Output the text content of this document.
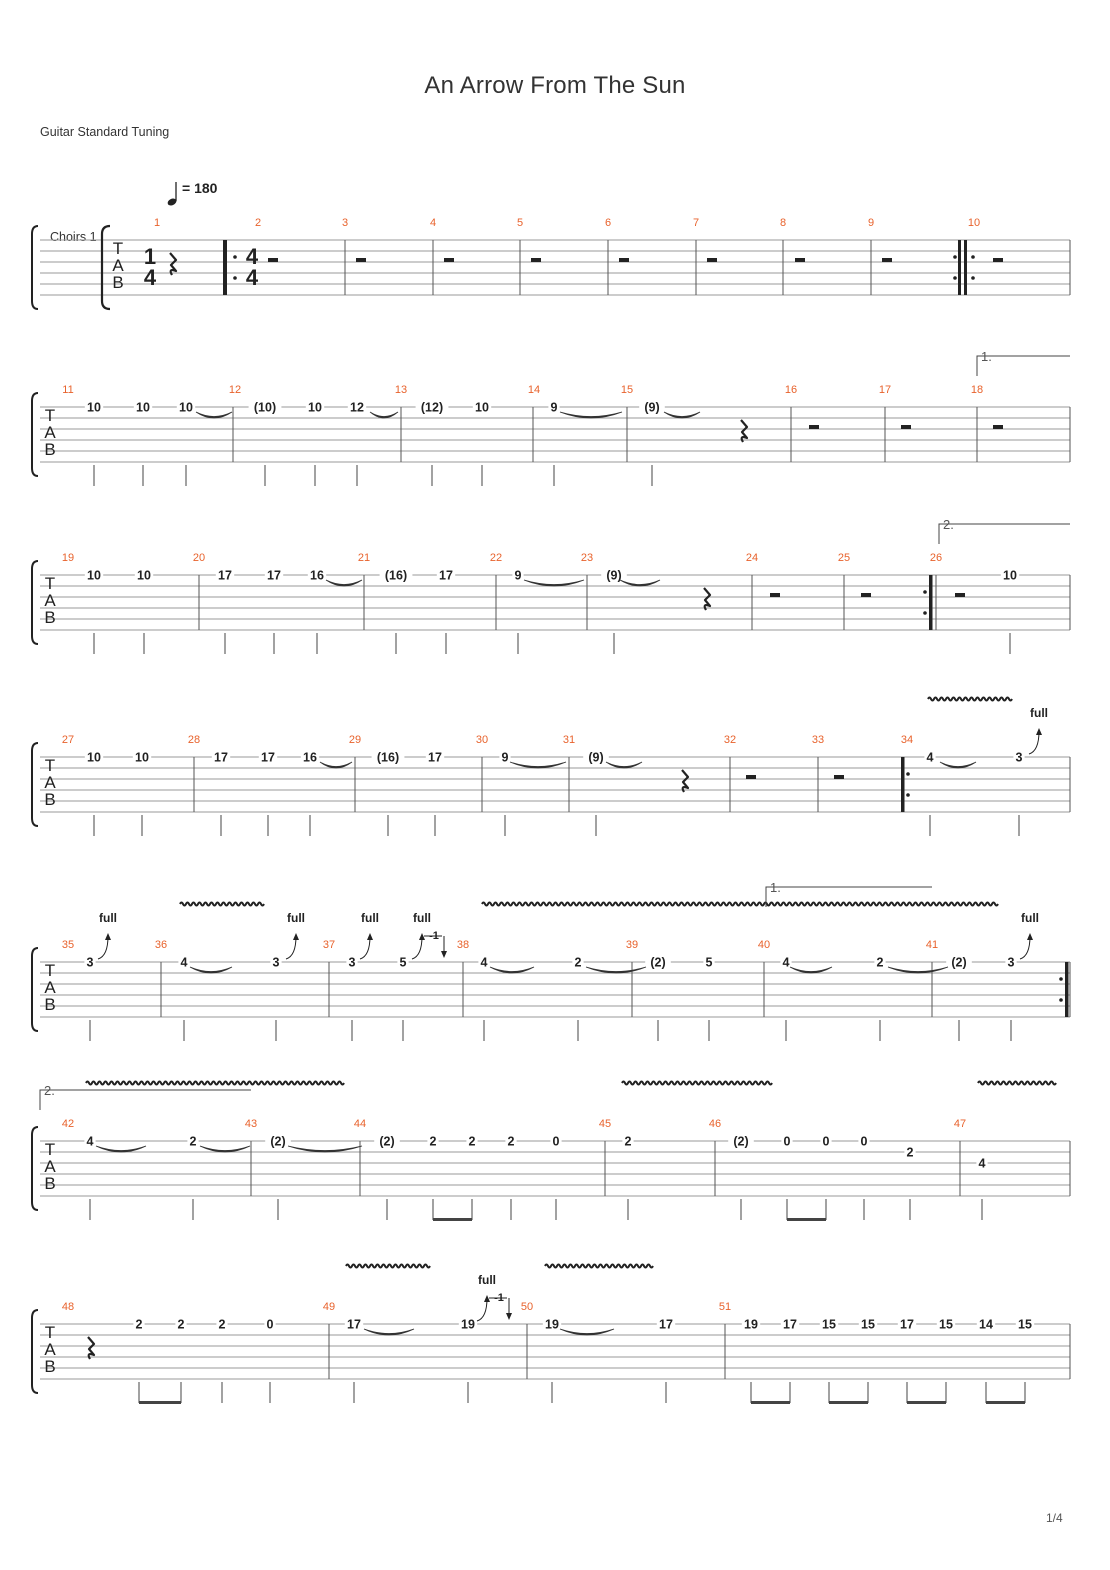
An Arrow From The Sun
Guitar Standard Tuning
1/4
= 180
Choirs 1
T
A
B
1	2	3	4	5	6	7	8	9	10
1
4
4
4
T
A
B
11
10	10 10
12
(10)	10 12
13
(12)	10
14
9
15
(9)
16	17	18
T
A
B
19
10	10
20
17	17 16
21
(16)	17
22
9
23
(9)
24	25	26
10
T
A
B
27
10	10
28
17	17 16
29
(16) 17
30
9
31
(9)
32	33	34
4	3
T
A
B
35
3
36
4	3
37
3	5
38
4	2
39
(2)	5
40
4	2
41
(2)	3
T
A
B
42
4	2
43
(2)
44
(2)	2	2	2	0
45
2
46
(2)	0	0 0
2
47
4
T
A
B
48
2	2	2	0
49
17	19
50
19	17
51
19 17 15 15 17 15 14 15
full
full	full	full	full
-1
full
full
-1
1.
2.
1.
2.
